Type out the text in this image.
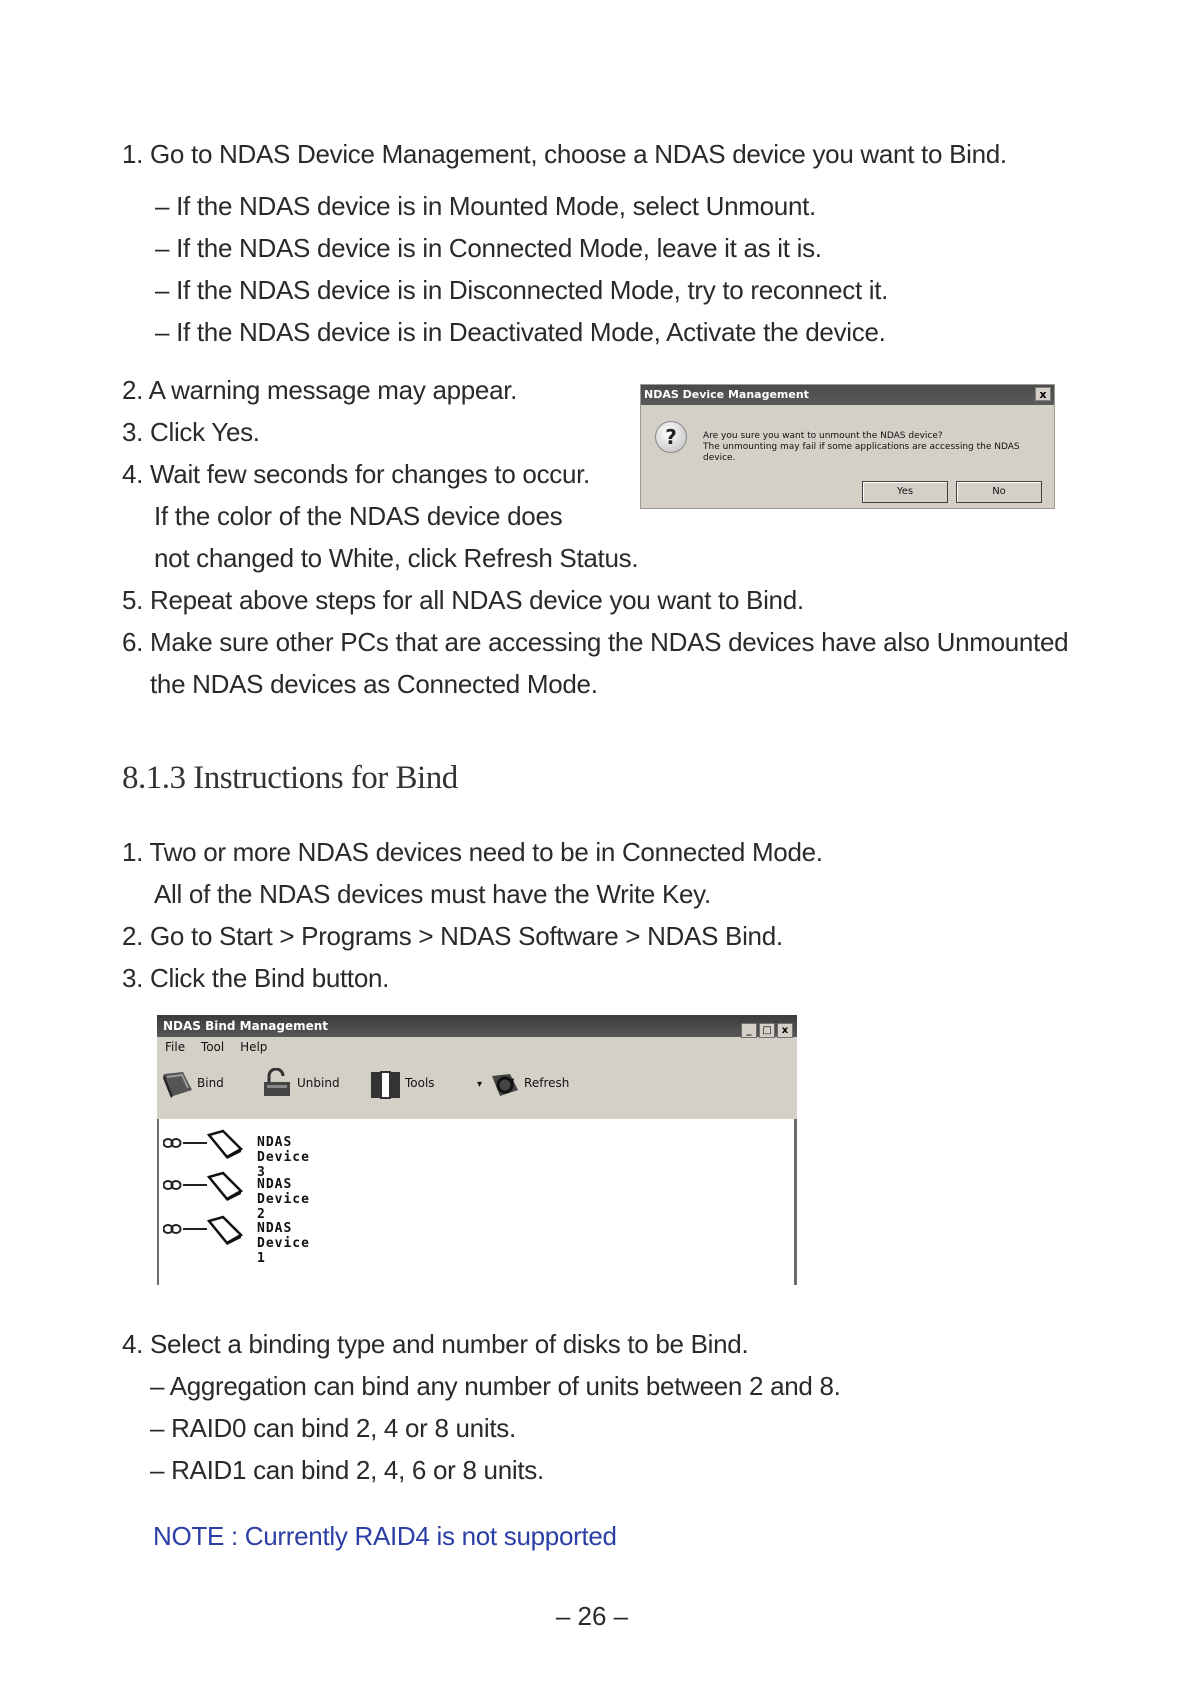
1. Go to NDAS Device Management, choose a NDAS device you want to Bind.
– If the NDAS device is in Mounted Mode, select Unmount.
– If the NDAS device is in Connected Mode, leave it as it is.
– If the NDAS device is in Disconnected Mode, try to reconnect it.
– If the NDAS device is in Deactivated Mode, Activate the device.
2. A warning message may appear.
3. Click Yes.
4. Wait few seconds for changes to occur.
If the color of the NDAS device does
not changed to White, click Refresh Status.
5. Repeat above steps for all NDAS device you want to Bind.
6. Make sure other PCs that are accessing the NDAS devices have also Unmounted
the NDAS devices as Connected Mode.
NDAS Device Management	x
?	Are you sure you want to unmount the NDAS device?
The unmounting may fail if some applications are accessing the NDAS
device.
Yes	No
8.1.3 Instructions for Bind
1. Two or more NDAS devices need to be in Connected Mode.
All of the NDAS devices must have the Write Key.
2. Go to Start > Programs > NDAS Software > NDAS Bind.
3. Click the Bind button.
NDAS Bind Management	_ □ x
File Tool Help
Bind	Unbind	Tools	▾	Refresh
NDAS Device 3
NDAS Device 2
NDAS Device 1
4. Select a binding type and number of disks to be Bind.
– Aggregation can bind any number of units between 2 and 8.
– RAID0 can bind 2, 4 or 8 units.
– RAID1 can bind 2, 4, 6 or 8 units.
NOTE : Currently RAID4 is not supported
– 26 –
